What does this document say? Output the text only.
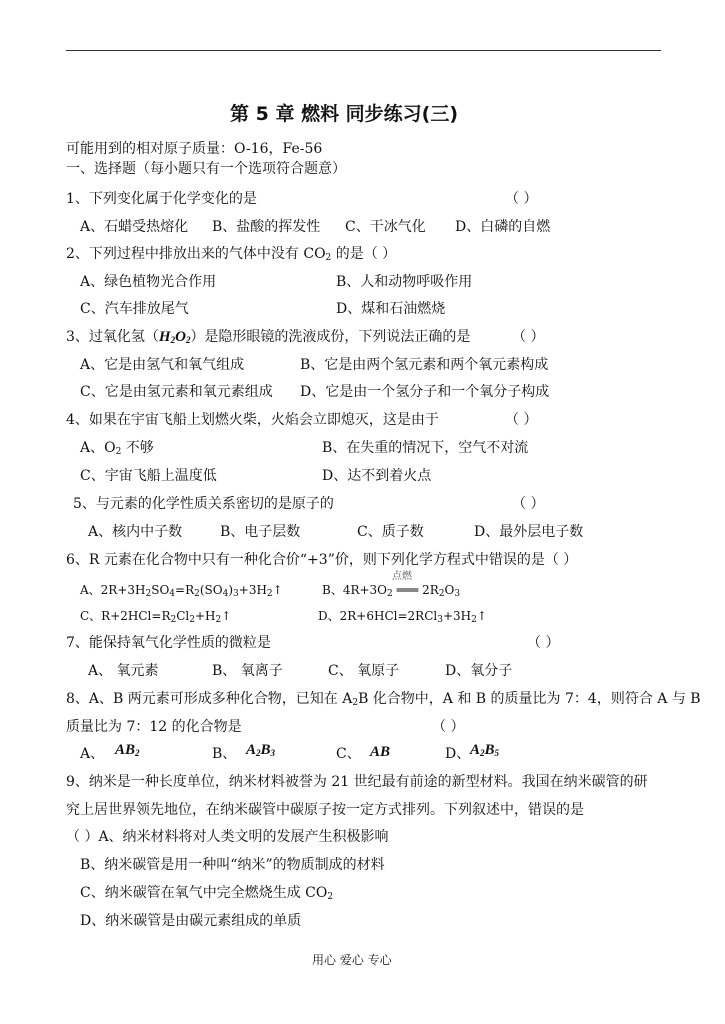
第 5 章 燃料 同步练习(三)
可能用到的相对原子质量：O-16，Fe-56
一、选择题（每小题只有一个选项符合题意）
1、下列变化属于化学变化的是	（ ）
A、石蜡受热熔化 B、盐酸的挥发性 C、干冰气化 D、白磷的自燃
2、下列过程中排放出来的气体中没有 $CO_2$ 的是（ ）
A、绿色植物光合作用	B、人和动物呼吸作用
C、汽车排放尾气	D、煤和石油燃烧
3、过氧化氢$(H_2O_2)$是隐形眼镜的洗液成份，下列说法正确的是	（ ）
A、它是由氢气和氧气组成	B、它是由两个氢元素和两个氧元素构成
C、它是由氢元素和氧元素组成 D、它是由一个氢分子和一个氧分子构成
4、如果在宇宙飞船上划燃火柴，火焰会立即熄灭，这是由于	（ ）
A、$O_2$ 不够	B、在失重的情况下，空气不对流
C、宇宙飞船上温度低	D、达不到着火点
5、与元素的化学性质关系密切的是原子的	（ ）
A、核内中子数	B、电子层数	C、质子数	D、最外层电子数
6、R 元素在化合物中只有一种化合价“+3”价，则下列化学方程式中错误的是（ ）
A、$2R+3H_2SO_4=R_2(SO_4)_3+3H_2↑$
点燃
B、$4R+3O_2$ ═══ $2R_2O_3$
C、$R+2HCl=R_2Cl_2+H_2↑$	D、$2R+6HCl=2RCl_3+3H_2↑$
7、能保持氧气化学性质的微粒是	（ ）
A、 氧元素	B、 氧离子	C、 氧原子	D、氧分子
8、A、B 两元素可形成多种化合物，已知在 $A_2B$ 化合物中，A 和 B 的质量比为 7：4，则符合 A 与 B
质量比为 7：12 的化合物是	（ ）
A、 $AB_2$	B、 $A_2B_3$	C、 AB	D、 $A_2B_5$
9、纳米是一种长度单位，纳米材料被誉为 21 世纪最有前途的新型材料。我国在纳米碳管的研
究上居世界领先地位，在纳米碳管中碳原子按一定方式排列。下列叙述中，错误的是
（ ）A、纳米材料将对人类文明的发展产生积极影响
B、纳米碳管是用一种叫“纳米”的物质制成的材料
C、纳米碳管在氧气中完全燃烧生成 $CO_2$
D、纳米碳管是由碳元素组成的单质
用心 爱心 专心
